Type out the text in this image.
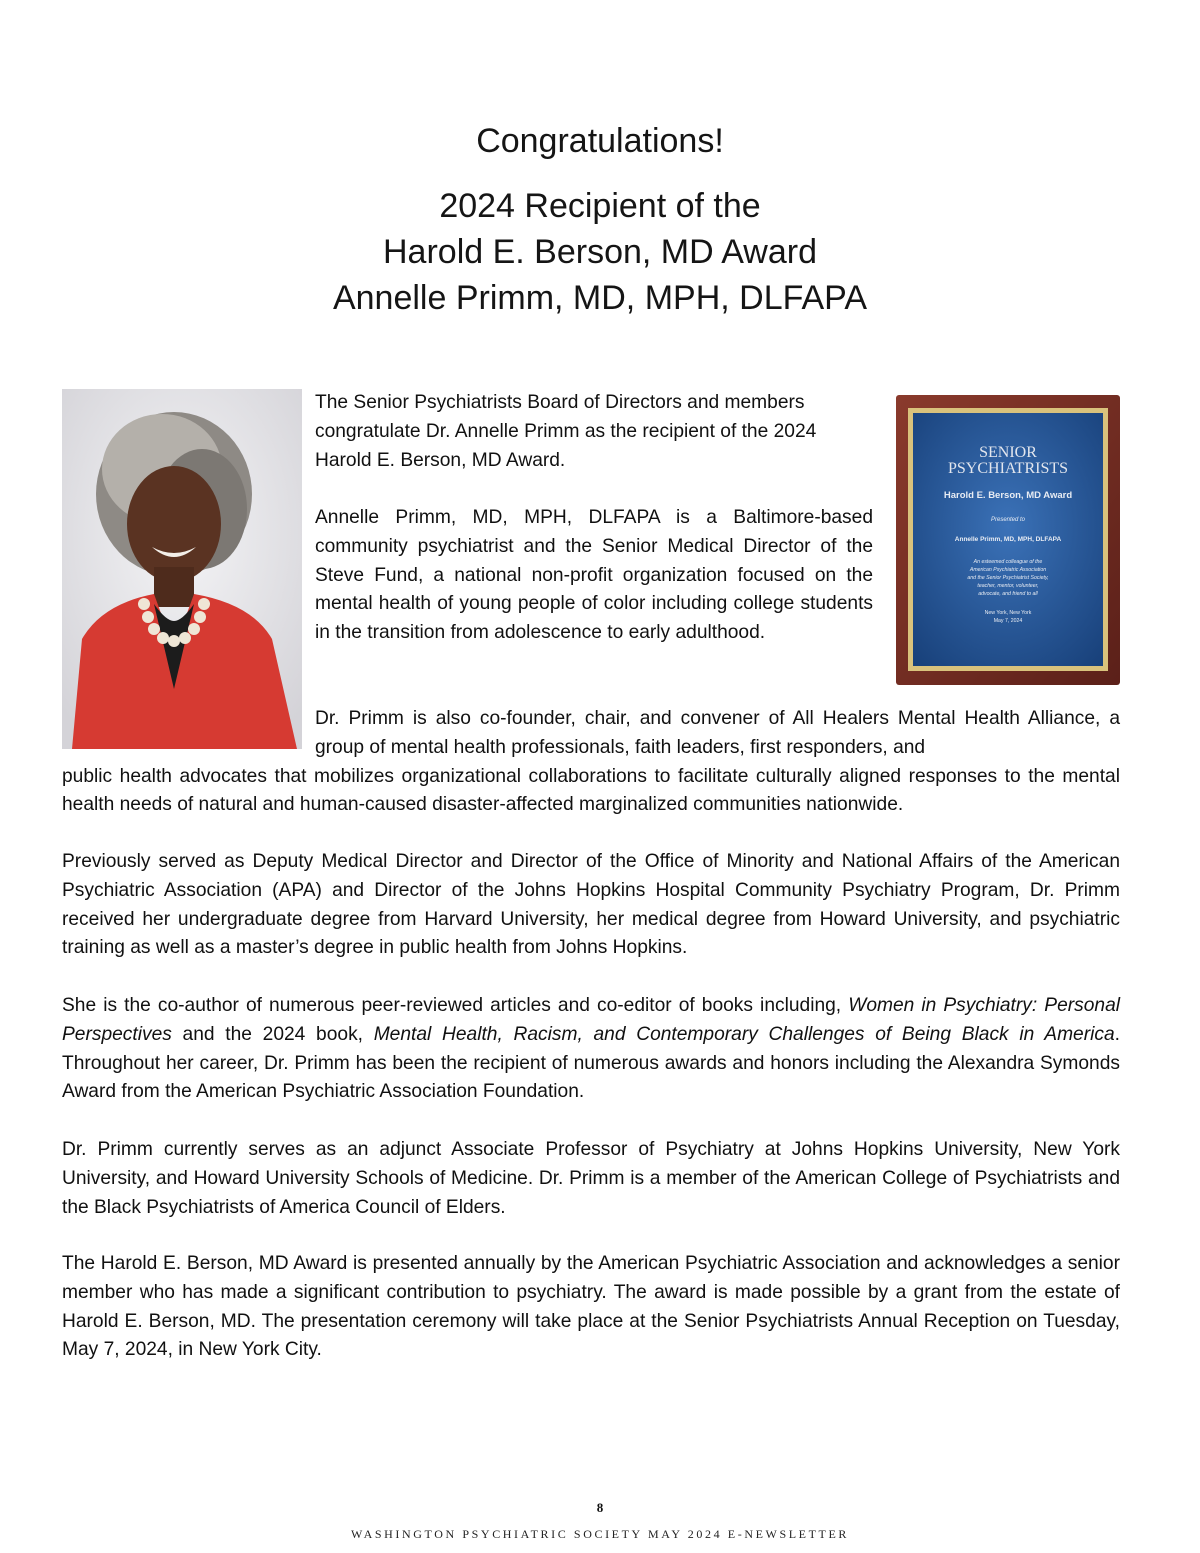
Congratulations!
2024 Recipient of the
Harold E. Berson, MD Award
Annelle Primm, MD, MPH, DLFAPA
SENIOR
PSYCHIATRISTS
Harold E. Berson, MD Award
Presented to
Annelle Primm, MD, MPH, DLFAPA
An esteemed colleague of the
American Psychiatric Association
and the Senior Psychiatrist Society,
teacher, mentor, volunteer,
advocate, and friend to all
New York, New York
May 7, 2024

The Senior Psychiatrists Board of Directors and members congratulate Dr. Annelle Primm as the recipient of the 2024 Harold E. Berson, MD Award.

Annelle Primm, MD, MPH, DLFAPA is a Baltimore-based community psychiatrist and the Senior Medical Director of the Steve Fund, a national non-profit organization focused on the mental health of young people of color including college students in the transition from adolescence to early adulthood.

Dr. Primm is also co-founder, chair, and convener of All Healers Mental Health Alliance, a group of mental health professionals, faith leaders, first responders, and
public health advocates that mobilizes organizational collaborations to facilitate culturally aligned responses to the mental health needs of natural and human-caused disaster-affected marginalized communities nationwide.

Previously served as Deputy Medical Director and Director of the Office of Minority and National Affairs of the American Psychiatric Association (APA) and Director of the Johns Hopkins Hospital Community Psychiatry Program, Dr. Primm received her undergraduate degree from Harvard University, her medical degree from Howard University, and psychiatric training as well as a master’s degree in public health from Johns Hopkins.

She is the co-author of numerous peer-reviewed articles and co-editor of books including, Women in Psychiatry: Personal Perspectives and the 2024 book, Mental Health, Racism, and Contemporary Challenges of Being Black in America. Throughout her career, Dr. Primm has been the recipient of numerous awards and honors including the Alexandra Symonds Award from the American Psychiatric Association Foundation.

Dr. Primm currently serves as an adjunct Associate Professor of Psychiatry at Johns Hopkins University, New York University, and Howard University Schools of Medicine. Dr. Primm is a member of the American College of Psychiatrists and the Black Psychiatrists of America Council of Elders.

The Harold E. Berson, MD Award is presented annually by the American Psychiatric Association and acknowledges a senior member who has made a significant contribution to psychiatry. The award is made possible by a grant from the estate of Harold E. Berson, MD. The presentation ceremony will take place at the Senior Psychiatrists Annual Reception on Tuesday, May 7, 2024, in New York City.

8
WASHINGTON PSYCHIATRIC SOCIETY MAY 2024 E-NEWSLETTER
